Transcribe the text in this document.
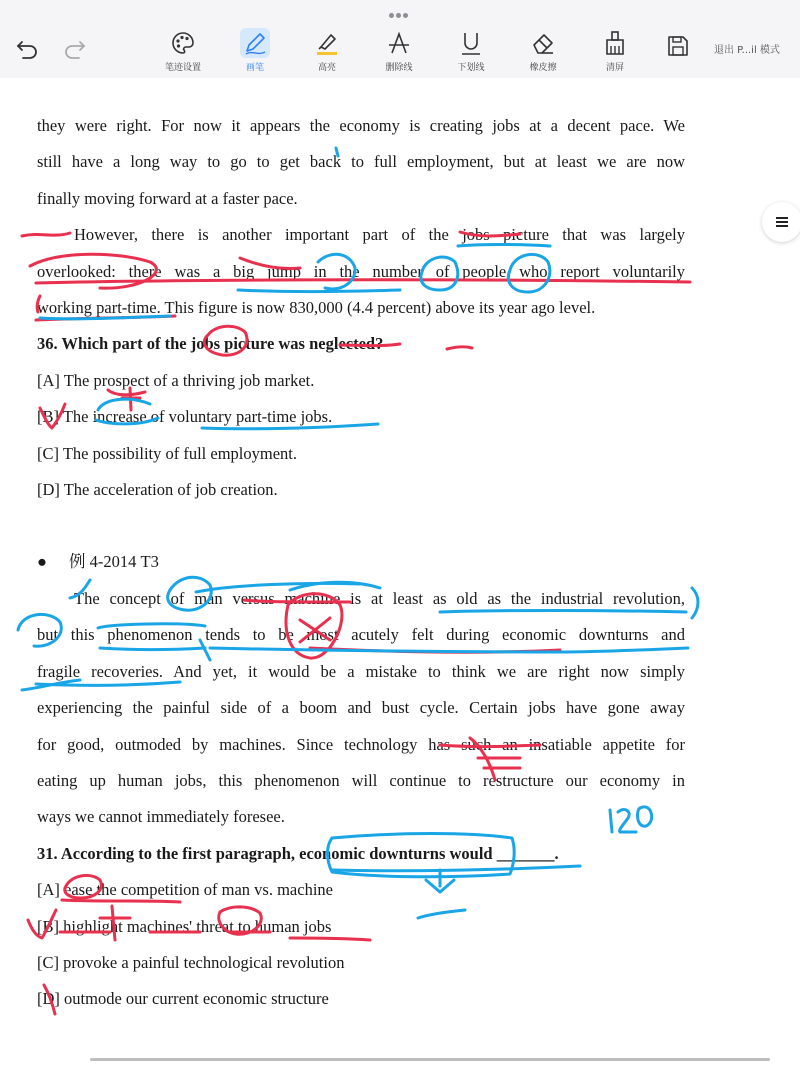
笔迹设置	画笔	高亮	删除线	下划线	橡皮擦	清屏
退出 P...il 模式
they were right. For now it appears the economy is creating jobs at a decent pace. We
still have a long way to go to get back to full employment, but at least we are now
finally moving forward at a faster pace.
However, there is another important part of the jobs picture that was largely
overlooked: there was a big jump in the number of people who report voluntarily
working part-time. This figure is now 830,000 (4.4 percent) above its year ago level.
36. Which part of the jobs picture was neglected?
[A] The prospect of a thriving job market.
[B] The increase of voluntary part-time jobs.
[C] The possibility of full employment.
[D] The acceleration of job creation.
● 例 4-2014 T3
The concept of man versus machine is at least as old as the industrial revolution,
but this phenomenon tends to be most acutely felt during economic downturns and
fragile recoveries. And yet, it would be a mistake to think we are right now simply
experiencing the painful side of a boom and bust cycle. Certain jobs have gone away
for good, outmoded by machines. Since technology has such an insatiable appetite for
eating up human jobs, this phenomenon will continue to restructure our economy in
ways we cannot immediately foresee.
31. According to the first paragraph, economic downturns would _______.
[A] ease the competition of man vs. machine
[B] highlight machines' threat to human jobs
[C] provoke a painful technological revolution
[D] outmode our current economic structure
